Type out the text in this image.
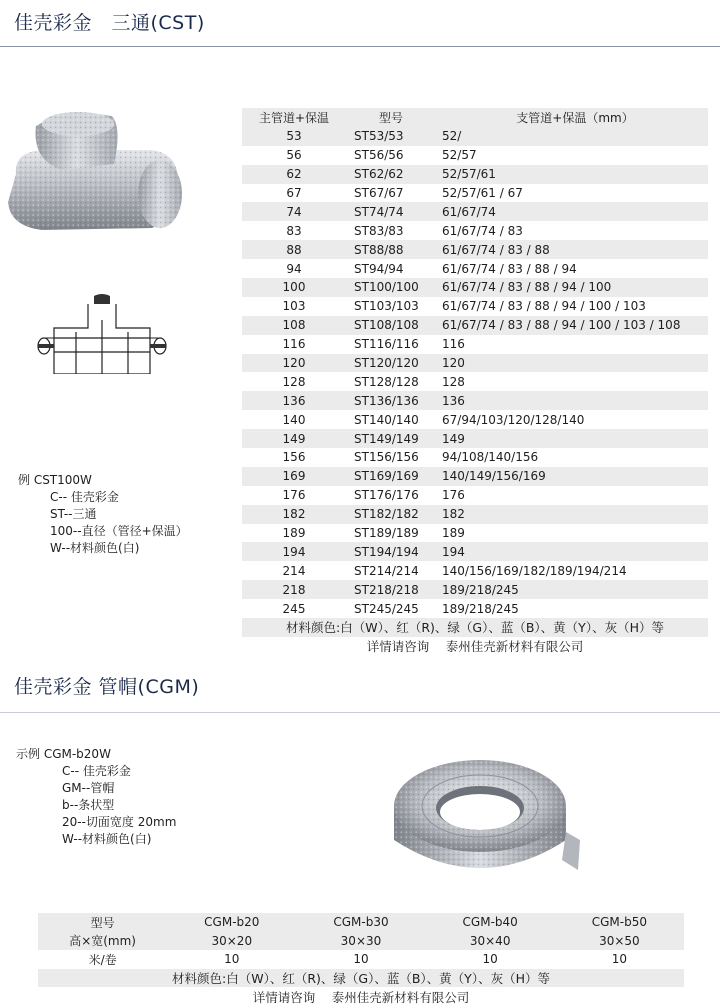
佳壳彩金　三通(CST)
例 CST100W
C-- 佳壳彩金
ST--三通
100--直径（管径+保温）
W--材料颜色(白)
主管道+保温	型号	支管道+保温（mm）
53	ST53/53	52/
56	ST56/56	52/57
62	ST62/62	52/57/61
67	ST67/67	52/57/61 / 67
74	ST74/74	61/67/74
83	ST83/83	61/67/74 / 83
88	ST88/88	61/67/74 / 83 / 88
94	ST94/94	61/67/74 / 83 / 88 / 94
100	ST100/100	61/67/74 / 83 / 88 / 94 / 100
103	ST103/103	61/67/74 / 83 / 88 / 94 / 100 / 103
108	ST108/108	61/67/74 / 83 / 88 / 94 / 100 / 103 / 108
116	ST116/116	116
120	ST120/120	120
128	ST128/128	128
136	ST136/136	136
140	ST140/140	67/94/103/120/128/140
149	ST149/149	149
156	ST156/156	94/108/140/156
169	ST169/169	140/149/156/169
176	ST176/176	176
182	ST182/182	182
189	ST189/189	189
194	ST194/194	194
214	ST214/214	140/156/169/182/189/194/214
218	ST218/218	189/218/245
245	ST245/245	189/218/245
材料颜色:白（W）、红（R)、绿（G）、蓝（B）、黄（Y）、灰（H）等		
详情请咨询　 泰州佳壳新材料有限公司		
佳壳彩金 管帽(CGM)
示例 CGM-b20W
C-- 佳壳彩金
GM--管帽
b--条状型
20--切面宽度 20mm
W--材料颜色(白)
型号	CGM-b20	CGM-b30	CGM-b40	CGM-b50
高×宽(mm)	30×20	30×30	30×40	30×50
米/卷	10	10	10	10
材料颜色:白（W）、红（R)、绿（G）、蓝（B）、黄（Y）、灰（H）等				
详情请咨询　 泰州佳壳新材料有限公司				
